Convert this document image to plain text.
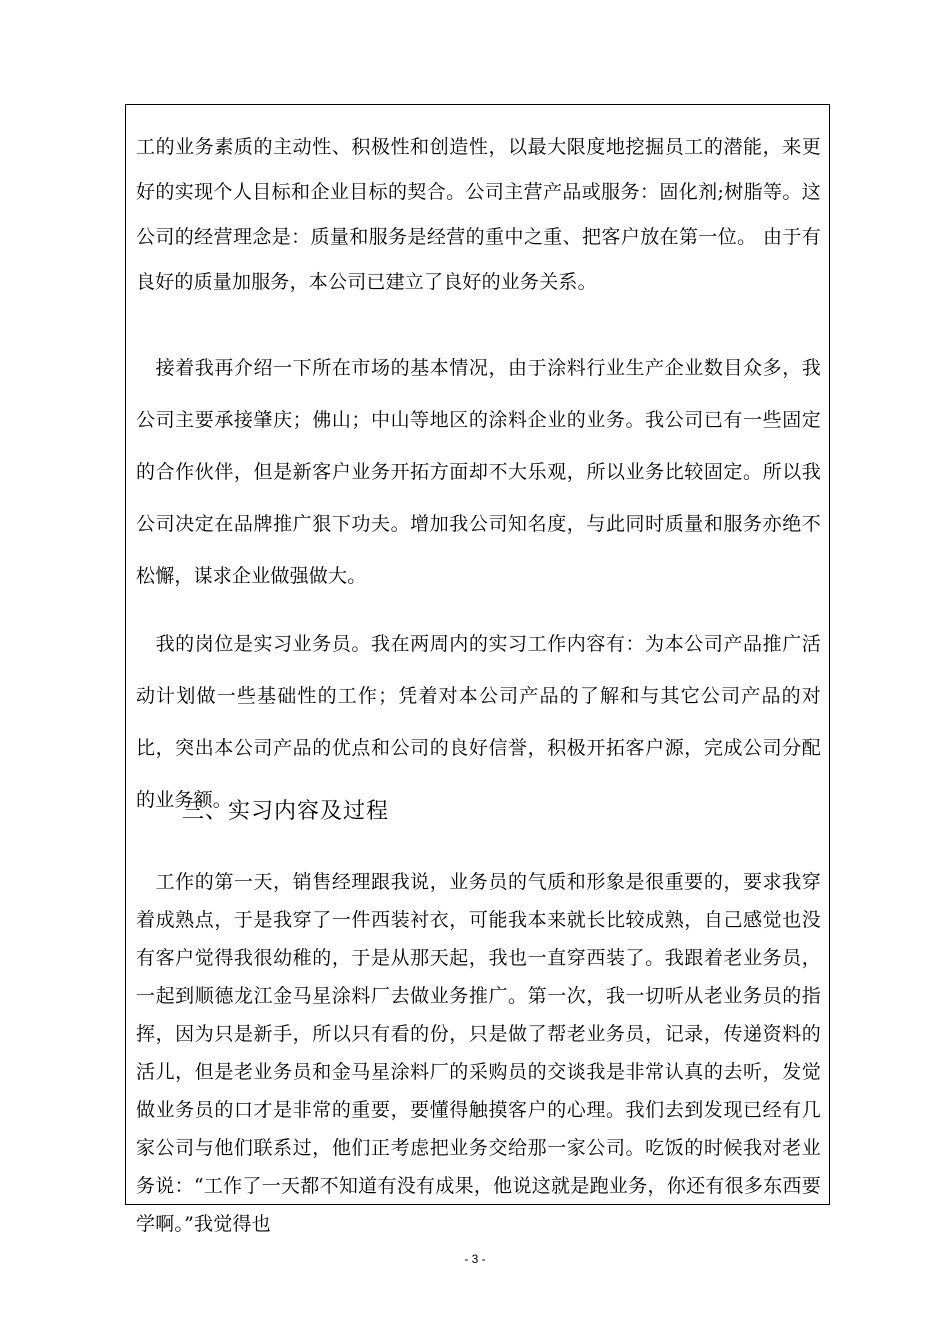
工的业务素质的主动性、积极性和创造性，以最大限度地挖掘员工的潜能，来更好的实现个人目标和企业目标的契合。公司主营产品或服务：固化剂;树脂等。这公司的经营理念是：质量和服务是经营的重中之重、把客户放在第一位。 由于有良好的质量加服务，本公司已建立了良好的业务关系。

　接着我再介绍一下所在市场的基本情况，由于涂料行业生产企业数目众多，我公司主要承接肇庆；佛山；中山等地区的涂料企业的业务。我公司已有一些固定的合作伙伴，但是新客户业务开拓方面却不大乐观，所以业务比较固定。所以我公司决定在品牌推广狠下功夫。增加我公司知名度，与此同时质量和服务亦绝不松懈，谋求企业做强做大。

　我的岗位是实习业务员。我在两周内的实习工作内容有：为本公司产品推广活动计划做一些基础性的工作；凭着对本公司产品的了解和与其它公司产品的对比，突出本公司产品的优点和公司的良好信誉，积极开拓客户源，完成公司分配的业务额。

三、实习内容及过程

　工作的第一天，销售经理跟我说，业务员的气质和形象是很重要的，要求我穿着成熟点，于是我穿了一件西装衬衣，可能我本来就长比较成熟，自己感觉也没有客户觉得我很幼稚的，于是从那天起，我也一直穿西装了。我跟着老业务员，一起到顺德龙江金马星涂料厂去做业务推广。第一次，我一切听从老业务员的指挥，因为只是新手，所以只有看的份，只是做了帮老业务员，记录，传递资料的活儿，但是老业务员和金马星涂料厂的采购员的交谈我是非常认真的去听，发觉做业务员的口才是非常的重要，要懂得触摸客户的心理。我们去到发现已经有几家公司与他们联系过，他们正考虑把业务交给那一家公司。吃饭的时候我对老业务说：“工作了一天都不知道有没有成果，他说这就是跑业务，你还有很多东西要学啊。”我觉得也

- 3 -
